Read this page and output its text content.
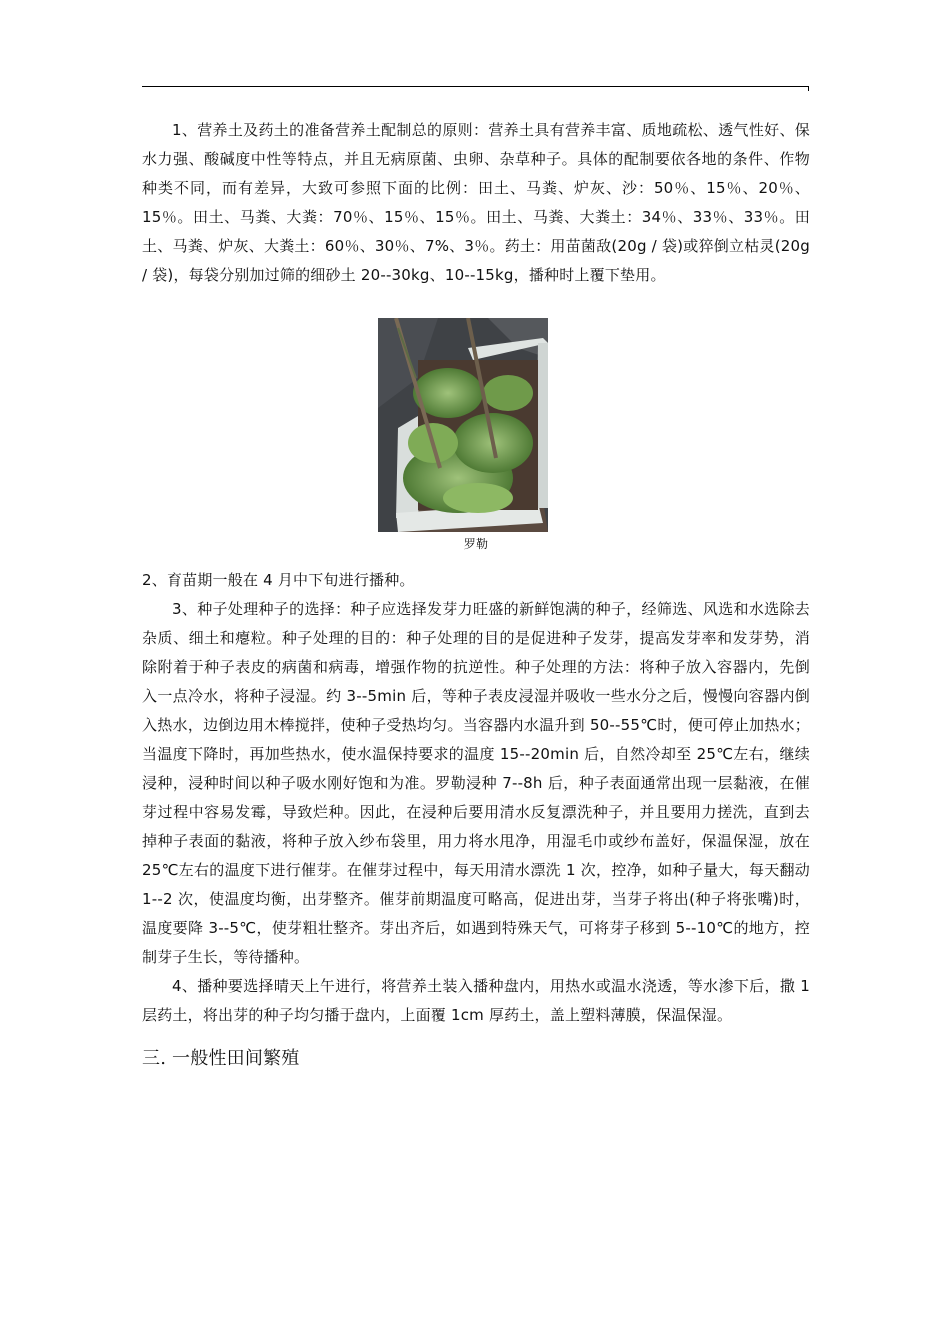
1、营养土及药土的准备营养土配制总的原则：营养土具有营养丰富、质地疏松、透气性好、保水力强、酸碱度中性等特点，并且无病原菌、虫卵、杂草种子。具体的配制要依各地的条件、作物种类不同，而有差异，大致可参照下面的比例：田土、马粪、炉灰、沙：50％、15％、20％、15％。田土、马粪、大粪：70％、15％、15％。田土、马粪、大粪土：34％、33％、33％。田土、马粪、炉灰、大粪土：60％、30％、7%、3％。药土：用苗菌敌(20g / 袋)或猝倒立枯灵(20g / 袋)，每袋分别加过筛的细砂土 20--30kg、10--15kg，播种时上覆下垫用。

罗勒

2、育苗期一般在 4 月中下旬进行播种。

3、种子处理种子的选择：种子应选择发芽力旺盛的新鲜饱满的种子，经筛选、风选和水选除去杂质、细土和瘪粒。种子处理的目的：种子处理的目的是促进种子发芽，提高发芽率和发芽势，消除附着于种子表皮的病菌和病毒，增强作物的抗逆性。种子处理的方法：将种子放入容器内，先倒入一点冷水，将种子浸湿。约 3--5min 后，等种子表皮浸湿并吸收一些水分之后，慢慢向容器内倒入热水，边倒边用木棒搅拌，使种子受热均匀。当容器内水温升到 50--55℃时，便可停止加热水；当温度下降时，再加些热水，使水温保持要求的温度 15--20min 后，自然冷却至 25℃左右，继续浸种，浸种时间以种子吸水刚好饱和为准。罗勒浸种 7--8h 后，种子表面通常出现一层黏液，在催芽过程中容易发霉，导致烂种。因此，在浸种后要用清水反复漂洗种子，并且要用力搓洗，直到去掉种子表面的黏液，将种子放入纱布袋里，用力将水甩净，用湿毛巾或纱布盖好，保温保湿，放在 25℃左右的温度下进行催芽。在催芽过程中，每天用清水漂洗 1 次，控净，如种子量大，每天翻动 1--2 次，使温度均衡，出芽整齐。催芽前期温度可略高，促进出芽，当芽子将出(种子将张嘴)时，温度要降 3--5℃，使芽粗壮整齐。芽出齐后，如遇到特殊天气，可将芽子移到 5--10℃的地方，控制芽子生长，等待播种。

4、播种要选择晴天上午进行，将营养土装入播种盘内，用热水或温水浇透，等水渗下后，撒 1 层药土，将出芽的种子均匀播于盘内，上面覆 1cm 厚药土，盖上塑料薄膜，保温保湿。

三. 一般性田间繁殖
